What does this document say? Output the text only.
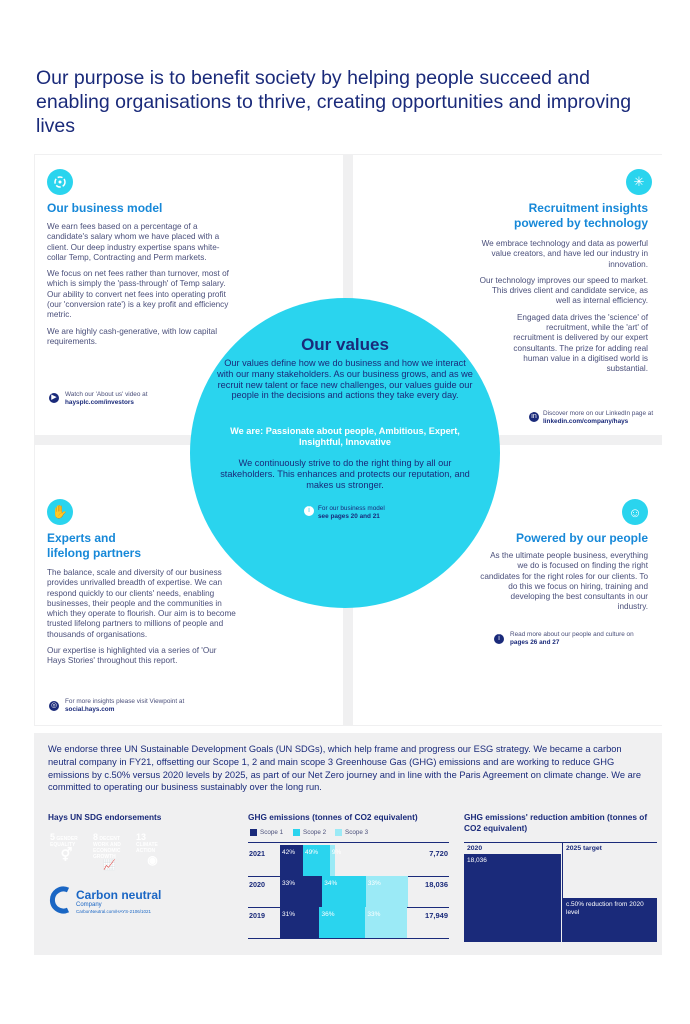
Our purpose is to benefit society by helping people succeed and enabling organisations to thrive, creating opportunities and improving lives
Our business model

We earn fees based on a percentage of a candidate's salary whom we have placed with a client. Our deep industry expertise spans white-collar Temp, Contracting and Perm markets.

We focus on net fees rather than turnover, most of which is simply the 'pass-through' of Temp salary. Our ability to convert net fees into operating profit (our 'conversion rate') is a key profit and efficiency metric.

We are highly cash-generative, with low capital requirements.

▶	Watch our 'About us' video at
haysplc.com/investors
✳
Recruitment insights
powered by technology

We embrace technology and data as powerful value creators, and have led our industry in innovation.

Our technology improves our speed to market. This drives client and candidate service, as well as internal efficiency.

Engaged data drives the 'science' of recruitment, while the 'art' of recruitment is delivered by our expert consultants. The prize for adding real human value in a digitised world is substantial.

in Discover more on our LinkedIn page at linkedin.com/company/hays
✋
Experts and
lifelong partners

The balance, scale and diversity of our business provides unrivalled breadth of expertise. We can respond quickly to our clients' needs, enabling businesses, their people and the communities in which they operate to flourish. Our aim is to become trusted lifelong partners to millions of people and thousands of organisations.

Our expertise is highlighted via a series of 'Our Hays Stories' throughout this report.

◎
For more insights please visit Viewpoint at
social.hays.com
☺
Powered by our people

As the ultimate people business, everything we do is focused on finding the right candidates for the right roles for our clients. To do this we focus on hiring, training and developing the best consultants in our industry.

i
Read more about our people and culture on
pages 26 and 27
Our values
Our values define how we do business and how we interact with our many stakeholders. As our business grows, and as we recruit new talent or face new challenges, our values guide our people in the decisions and actions they take every day.
We are: Passionate about people, Ambitious, Expert, Insightful, Innovative
We continuously strive to do the right thing by all our stakeholders. This enhances and protects our reputation, and makes us stronger.
i	For our business model
see pages 20 and 21
We endorse three UN Sustainable Development Goals (UN SDGs), which help frame and progress our ESG strategy. We became a carbon neutral company in FY21, offsetting our Scope 1, 2 and main scope 3 Greenhouse Gas (GHG) emissions and are working to reduce GHG emissions by c.50% versus 2020 levels by 2025, as part of our Net Zero journey and in line with the Paris Agreement on climate change. We are committed to operating our business sustainably over the long run.
Hays UN SDG endorsements
5 GENDER EQUALITY
⚥
8 DECENT WORK AND ECONOMIC GROWTH
📈
13 CLIMATE ACTION
◉
Carbon neutral
Company
CarbonNeutral.com/HAYS-2106/1021
GHG emissions (tonnes of CO2 equivalent)
Scope 1	Scope 2	Scope 3
2021	42%	49%	9%	7,720
2020	33%	34%	33%	18,036
2019	31%	36%	33%	17,949
GHG emissions' reduction ambition (tonnes of CO2 equivalent)
2020	2025 target
18,036
c.50% reduction from 2020 level
